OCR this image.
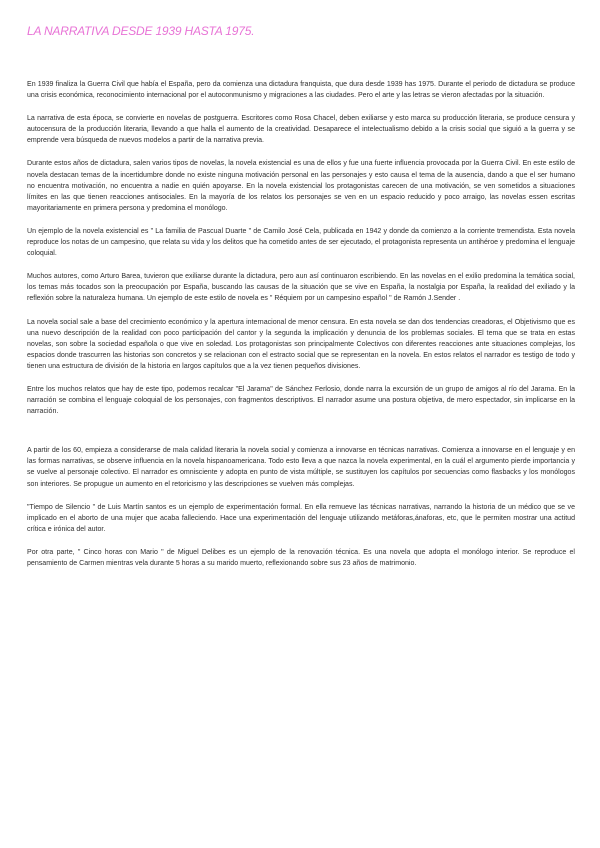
LA NARRATIVA DESDE 1939 HASTA 1975.

En 1939 finaliza la Guerra Civil que había el España, pero da comienza una dictadura franquista, que dura desde 1939 has 1975. Durante el periodo de dictadura se produce una crisis económica, reconocimiento internacional por el autoconmunismo y migraciones a las ciudades. Pero el arte y las letras se vieron afectadas por la situación.

La narrativa de esta época, se convierte en novelas de postguerra. Escritores como Rosa Chacel, deben exiliarse y esto marca su producción literaria, se produce censura y autocensura de la producción literaria, llevando a que halla el aumento de la creatividad. Desaparece el intelectualismo debido a la crisis social que siguió a la guerra y se emprende vera búsqueda de nuevos modelos a partir de la narrativa previa.

Durante estos años de dictadura, salen varios tipos de novelas, la novela existencial es una de ellos y fue una fuerte influencia provocada por la Guerra Civil. En este estilo de novela destacan temas de la incertidumbre donde no existe ninguna motivación personal en las personajes y esto causa el tema de la ausencia, dando a que el ser humano no encuentra motivación, no encuentra a nadie en quién apoyarse. En la novela existencial los protagonistas carecen de una motivación, se ven sometidos a situaciones límites en las que tienen reacciones antisociales. En la mayoría de los relatos los personajes se ven en un espacio reducido y poco arraigo, las novelas essen escritas mayoritariamente en primera persona y predomina el monólogo.

Un ejemplo de la novela existencial es " La familia de Pascual Duarte " de Camilo José Cela, publicada en 1942 y donde da comienzo a la corriente tremendista. Esta novela reproduce los notas de un campesino, que relata su vida y los delitos que ha cometido antes de ser ejecutado, el protagonista representa un antihéroe y predomina el lenguaje coloquial.

Muchos autores, como Arturo Barea, tuvieron que exiliarse durante la dictadura, pero aun así continuaron escribiendo. En las novelas en el exilio predomina la temática social, los temas más tocados son la preocupación por España, buscando las causas de la situación que se vive en España, la nostalgia por España, la realidad del exiliado y la reflexión sobre la naturaleza humana. Un ejemplo de este estilo de novela es " Réquiem por un campesino español " de Ramón J.Sender .

La novela social sale a base del crecimiento económico y la apertura internacional de menor censura. En esta novela se dan dos tendencias creadoras, el Objetivismo que es una nuevo descripción de la realidad con poco participación del cantor y la segunda la implicación y denuncia de los problemas sociales. El tema que se trata en estas novelas, son sobre la sociedad española o que vive en soledad. Los protagonistas son principalmente Colectivos con diferentes reacciones ante situaciones complejas, los espacios donde trascurren las historias son concretos y se relacionan con el estracto social que se representan en la novela. En estos relatos el narrador es testigo de todo y tienen una estructura de división de la historia en largos capítulos que a la vez tienen pequeños divisiones.

Entre los muchos relatos que hay de este tipo, podemos recalcar "El Jarama" de Sánchez Ferlosio, donde narra la excursión de un grupo de amigos al río del Jarama. En la narración se combina el lenguaje coloquial de los personajes, con fragmentos descriptivos. El narrador asume una postura objetiva, de mero espectador, sin implicarse en la narración.

A partir de los 60, empieza a considerarse de mala calidad literaria la novela social y comienza a innovarse en técnicas narrativas. Comienza a innovarse en el lenguaje y en las formas narrativas, se observe influencia en la novela hispanoamericana. Todo esto lleva a que nazca la novela experimental, en la cuál el argumento pierde importancia y se vuelve al personaje colectivo. El narrador es omnisciente y adopta en punto de vista múltiple, se sustituyen los capítulos por secuencias como flasbacks y los monólogos son interiores. Se propugue un aumento en el retoricismo y las descripciones se vuelven más complejas.

"Tiempo de Silencio " de Luis Martín santos es un ejemplo de experimentación formal. En ella remueve las técnicas narrativas, narrando la historia de un médico que se ve implicado en el aborto de una mujer que acaba falleciendo. Hace una experimentación del lenguaje utilizando metáforas,ánaforas, etc, que le permiten mostrar una actitud crítica e irónica del autor.

Por otra parte, " Cinco horas con Mario " de Miguel Delibes es un ejemplo de la renovación técnica. Es una novela que adopta el monólogo interior. Se reproduce el pensamiento de Carmen mientras vela durante 5 horas a su marido muerto, reflexionando sobre sus 23 años de matrimonio.
